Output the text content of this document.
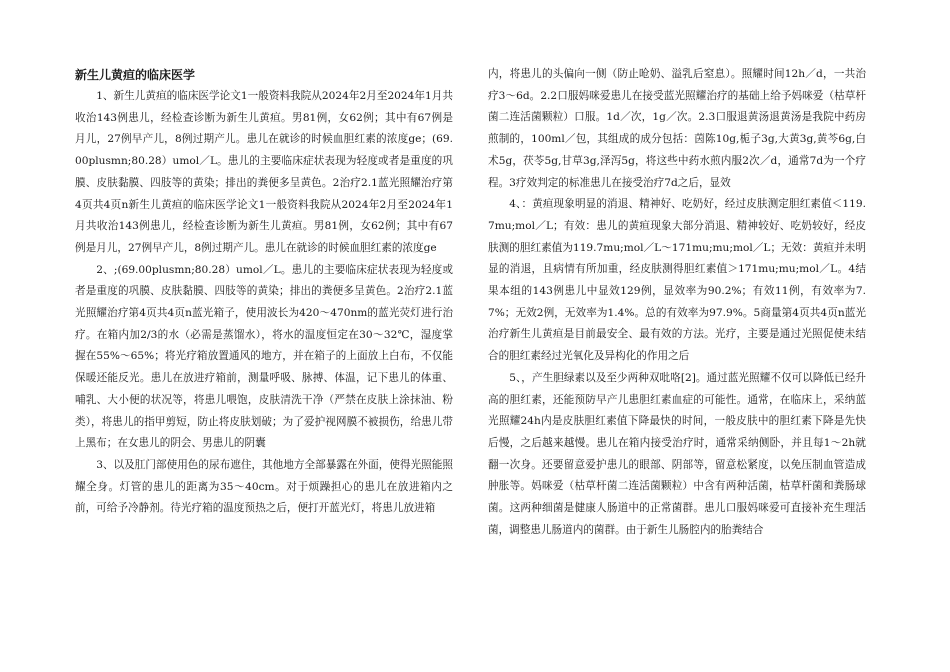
新生儿黄疸的临床医学

1、新生儿黄疸的临床医学论文1一般资料我院从2024年2月至2024年1月共收治143例患儿，经检查诊断为新生儿黄疸。男81例，女62例；其中有67例是月儿，27例早产儿，8例过期产儿。患儿在就诊的时候血胆红素的浓度ge；(69.00plusmn;80.28）umol／L。患儿的主要临床症状表现为轻度或者是重度的巩膜、皮肤黏膜、四肢等的黄染；排出的粪便多呈黄色。2治疗2.1蓝光照耀治疗第4页共4页n新生儿黄疸的临床医学论文1一般资料我院从2024年2月至2024年1月共收治143例患儿，经检查诊断为新生儿黄疸。男81例，女62例；其中有67例是月儿，27例早产儿，8例过期产儿。患儿在就诊的时候血胆红素的浓度ge

2、;(69.00plusmn;80.28）umol／L。患儿的主要临床症状表现为轻度或者是重度的巩膜、皮肤黏膜、四肢等的黄染；排出的粪便多呈黄色。2治疗2.1蓝光照耀治疗第4页共4页n蓝光箱子，使用波长为420～470nm的蓝光荧灯进行治疗。在箱内加2/3的水（必需是蒸馏水），将水的温度恒定在30～32℃，湿度掌握在55%～65%；将光疗箱放置通风的地方，并在箱子的上面放上白布，不仅能保暖还能反光。患儿在放进疗箱前，测量呼吸、脉搏、体温，记下患儿的体重、哺乳、大小便的状况等，将患儿喂饱，皮肤清洗干净（严禁在皮肤上涂抹油、粉类），将患儿的指甲剪短，防止将皮肤划破；为了爱护视网膜不被损伤，给患儿带上黑布；在女患儿的阴会、男患儿的阴囊

3、以及肛门部使用色的尿布遮住，其他地方全部暴露在外面，使得光照能照耀全身。灯管的患儿的距离为35～40cm。对于烦躁担心的患儿在放进箱内之前，可给予冷静剂。待光疗箱的温度预热之后，便打开蓝光灯，将患儿放进箱

内，将患儿的头偏向一侧（防止呛奶、溢乳后窒息）。照耀时间12h／d，一共治疗3～6d。2.2口服妈咪爱患儿在接受蓝光照耀治疗的基础上给予妈咪爱（枯草杆菌二连活菌颗粒）口服。1d／次，1g／次。2.3口服退黄汤退黄汤是我院中药房煎制的，100ml／包，其组成的成分包括：茵陈10g,栀子3g,大黄3g,黄芩6g,白术5g，茯苓5g,甘草3g,泽泻5g，将这些中药水煎内服2次／d，通常7d为一个疗程。3疗效判定的标准患儿在接受治疗7d之后，显效

4、：黄疸现象明显的消退、精神好、吃奶好，经过皮肤测定胆红素值＜119.7mu;mol／L；有效：患儿的黄疸现象大部分消退、精神较好、吃奶较好，经皮肤测的胆红素值为119.7mu;mol／L～171mu;mu;mol／L；无效：黄疸并未明显的消退，且病情有所加重，经皮肤测得胆红素值＞171mu;mu;mol／L。4结果本组的143例患儿中显效129例，显效率为90.2%；有效11例，有效率为7.7%；无效2例，无效率为1.4%。总的有效率为97.9%。5商量第4页共4页n蓝光治疗新生儿黄疸是目前最安全、最有效的方法。光疗，主要是通过光照促使未结合的胆红素经过光氧化及异构化的作用之后

5、，产生胆绿素以及至少两种双吡咯[2]。通过蓝光照耀不仅可以降低已经升高的胆红素，还能预防早产儿患胆红素血症的可能性。通常，在临床上，采纳蓝光照耀24h内是皮肤胆红素值下降最快的时间，一般皮肤中的胆红素下降是先快后慢，之后越来越慢。患儿在箱内接受治疗时，通常采纳侧卧，并且每1～2h就翻一次身。还要留意爱护患儿的眼部、阴部等，留意松紧度，以免压制血管造成肿胀等。妈咪爱（枯草杆菌二连活菌颗粒）中含有两种活菌，枯草杆菌和粪肠球菌。这两种细菌是健康人肠道中的正常菌群。患儿口服妈咪爱可直接补充生理活菌，调整患儿肠道内的菌群。由于新生儿肠腔内的胎粪结合
